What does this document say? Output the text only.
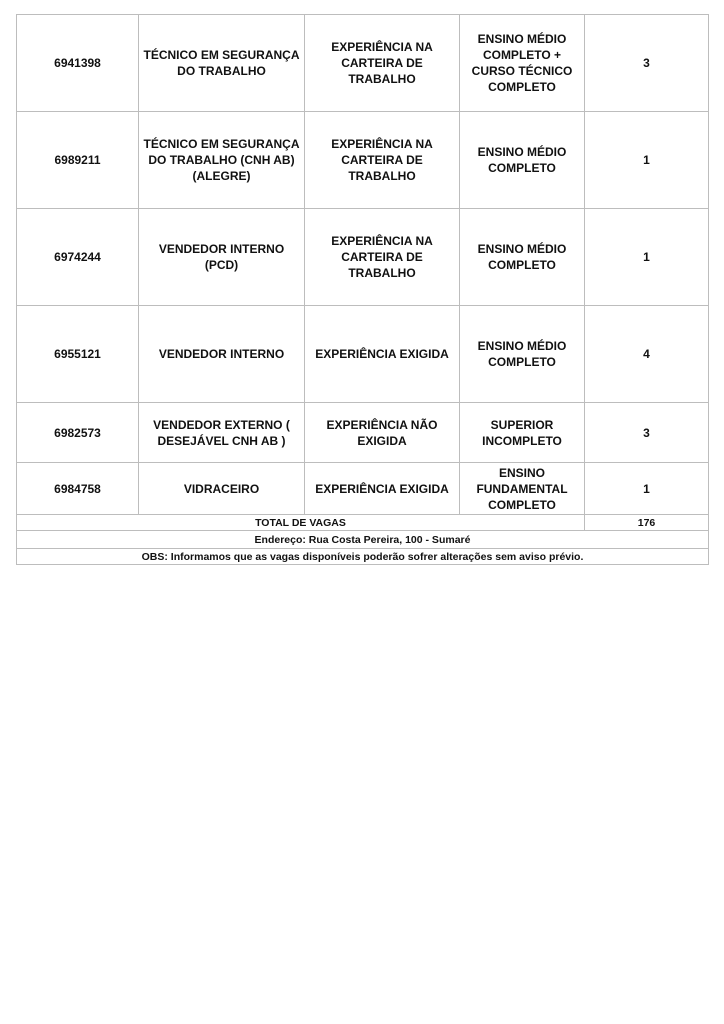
6941398	TÉCNICO EM SEGURANÇA DO TRABALHO	EXPERIÊNCIA NA CARTEIRA DE TRABALHO	ENSINO MÉDIO COMPLETO + CURSO TÉCNICO COMPLETO	3
6989211	TÉCNICO EM SEGURANÇA DO TRABALHO (CNH AB) (ALEGRE)	EXPERIÊNCIA NA CARTEIRA DE TRABALHO	ENSINO MÉDIO COMPLETO	1
6974244	VENDEDOR INTERNO (PCD)	EXPERIÊNCIA NA CARTEIRA DE TRABALHO	ENSINO MÉDIO COMPLETO	1
6955121	VENDEDOR INTERNO	EXPERIÊNCIA EXIGIDA	ENSINO MÉDIO COMPLETO	4
6982573	VENDEDOR EXTERNO ( DESEJÁVEL CNH AB )	EXPERIÊNCIA NÃO EXIGIDA	SUPERIOR INCOMPLETO	3
6984758	VIDRACEIRO	EXPERIÊNCIA EXIGIDA	ENSINO FUNDAMENTAL COMPLETO	1
TOTAL DE VAGAS				176
Endereço: Rua Costa Pereira, 100 - Sumaré				
OBS: Informamos que as vagas disponíveis poderão sofrer alterações sem aviso prévio.				
